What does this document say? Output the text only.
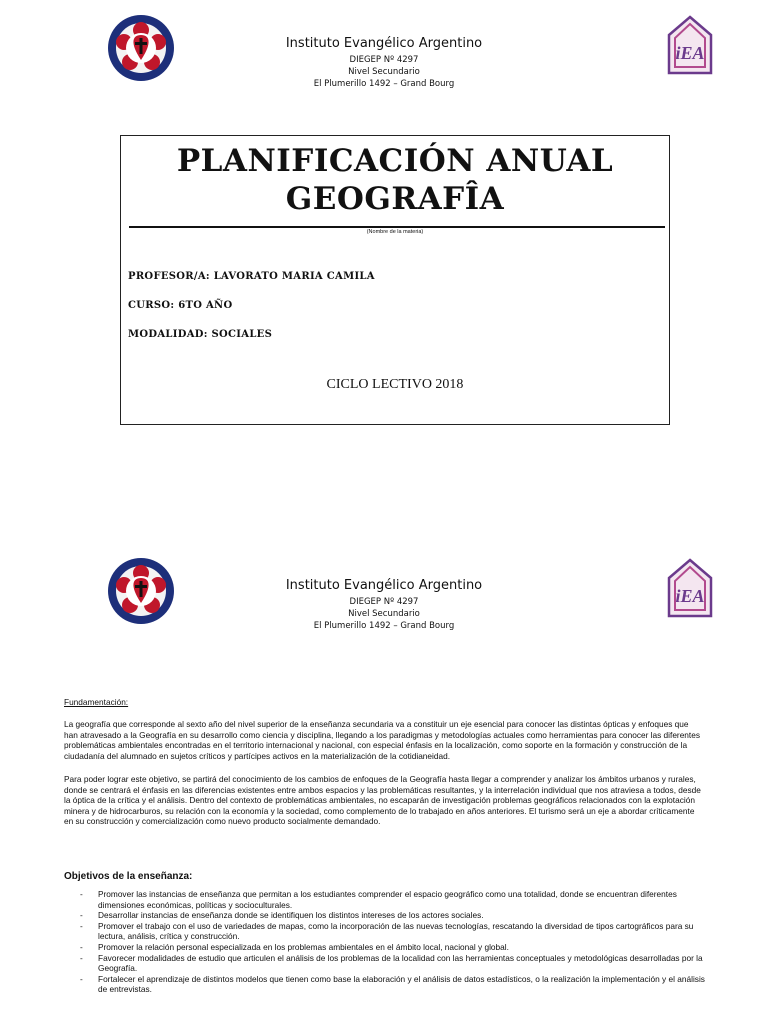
iEA
Instituto Evangélico Argentino
DIEGEP Nº 4297
Nivel Secundario
El Plumerillo 1492 – Grand Bourg
PLANIFICACIÓN ANUAL
GEOGRAFÎA
(Nombre de la materia)
PROFESOR/A: LAVORATO MARIA CAMILA
CURSO: 6TO AÑO
MODALIDAD: SOCIALES
CICLO LECTIVO 2018
iEA
Instituto Evangélico Argentino
DIEGEP Nº 4297
Nivel Secundario
El Plumerillo 1492 – Grand Bourg
Fundamentación:
La geografía que corresponde al sexto año del nivel superior de la enseñanza secundaria va a constituir un eje esencial para conocer las distintas ópticas y enfoques que han atravesado a la Geografía en su desarrollo como ciencia y disciplina, llegando a los paradigmas y metodologías actuales como herramientas para conocer las diferentes problemáticas ambientales encontradas en el territorio internacional y nacional, con especial énfasis en la localización, como soporte en la formación y construcción de la ciudadanía del alumnado en sujetos críticos y partícipes activos en la materialización de la cotidianeidad.
Para poder lograr este objetivo, se partirá del conocimiento de los cambios de enfoques de la Geografía hasta llegar a comprender y analizar los ámbitos urbanos y rurales, donde se centrará el énfasis en las diferencias existentes entre ambos espacios y las problemáticas resultantes, y la interrelación individual que nos atraviesa a todos, desde la óptica de la crítica y el análisis. Dentro del contexto de problemáticas ambientales, no escaparán de investigación problemas geográficos relacionados con la explotación minera y de hidrocarburos, su relación con la economía y la sociedad, como complemento de lo trabajado en años anteriores. El turismo será un eje a abordar críticamente en su construcción y comercialización como nuevo producto socialmente demandado.
Objetivos de la enseñanza:
- Promover las instancias de enseñanza que permitan a los estudiantes comprender el espacio geográfico como una totalidad, donde se encuentran diferentes dimensiones económicas, políticas y socioculturales.
- Desarrollar instancias de enseñanza donde se identifiquen los distintos intereses de los actores sociales.
- Promover el trabajo con el uso de variedades de mapas, como la incorporación de las nuevas tecnologías, rescatando la diversidad de tipos cartográficos para su lectura, análisis, crítica y construcción.
- Promover la relación personal especializada en los problemas ambientales en el ámbito local, nacional y global.
- Favorecer modalidades de estudio que articulen el análisis de los problemas de la localidad con las herramientas conceptuales y metodológicas desarrolladas por la Geografía.
- Fortalecer el aprendizaje de distintos modelos que tienen como base la elaboración y el análisis de datos estadísticos, o la realización la implementación y el análisis de entrevistas.
